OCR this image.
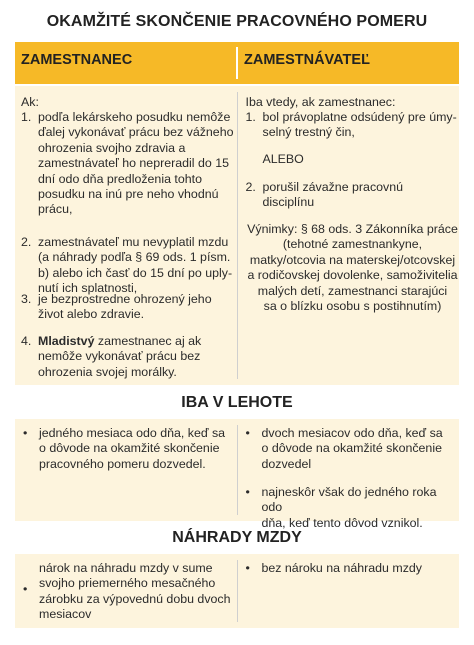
OKAMŽITÉ SKONČENIE PRACOVNÉHO POMERU
ZAMESTNANEC	ZAMESTNÁVATEĽ
Ak:
1. podľa lekárskeho posudku nemôže
ďalej vykonávať prácu bez vážneho
ohrozenia svojho zdravia a
zamestnávateľ ho nepreradil do 15
dní odo dňa predloženia tohto
posudku na inú pre neho vhodnú
prácu,
2. zamestnávateľ mu nevyplatil mzdu
(a náhrady podľa § 69 ods. 1 písm.
b) alebo ich časť do 15 dní po uply-
nutí ich splatnosti,
3. je bezprostredne ohrozený jeho
život alebo zdravie.
4. Mladistvý zamestnanec aj ak
nemôže vykonávať prácu bez
ohrozenia svojej morálky.
Iba vtedy, ak zamestnanec:
1. bol právoplatne odsúdený pre úmy-
selný trestný čin,
ALEBO
2. porušil závažne pracovnú disciplínu
Výnimky: § 68 ods. 3 Zákonníka práce
(tehotné zamestnankyne,
matky/otcovia na materskej/otcovskej
a rodičovskej dovolenke, samoživitelia
malých detí, zamestnanci starajúci
sa o blízku osobu s postihnutím)
IBA V LEHOTE
• jedného mesiaca odo dňa, keď sa
o dôvode na okamžité skončenie
pracovného pomeru dozvedel.
• dvoch mesiacov odo dňa, keď sa
o dôvode na okamžité skončenie
dozvedel
• najneskôr však do jedného roka odo
dňa, keď tento dôvod vznikol.
NÁHRADY MZDY
•
nárok na náhradu mzdy v sume
svojho priemerného mesačného
zárobku za výpovednú dobu dvoch
mesiacov
• bez nároku na náhradu mzdy
